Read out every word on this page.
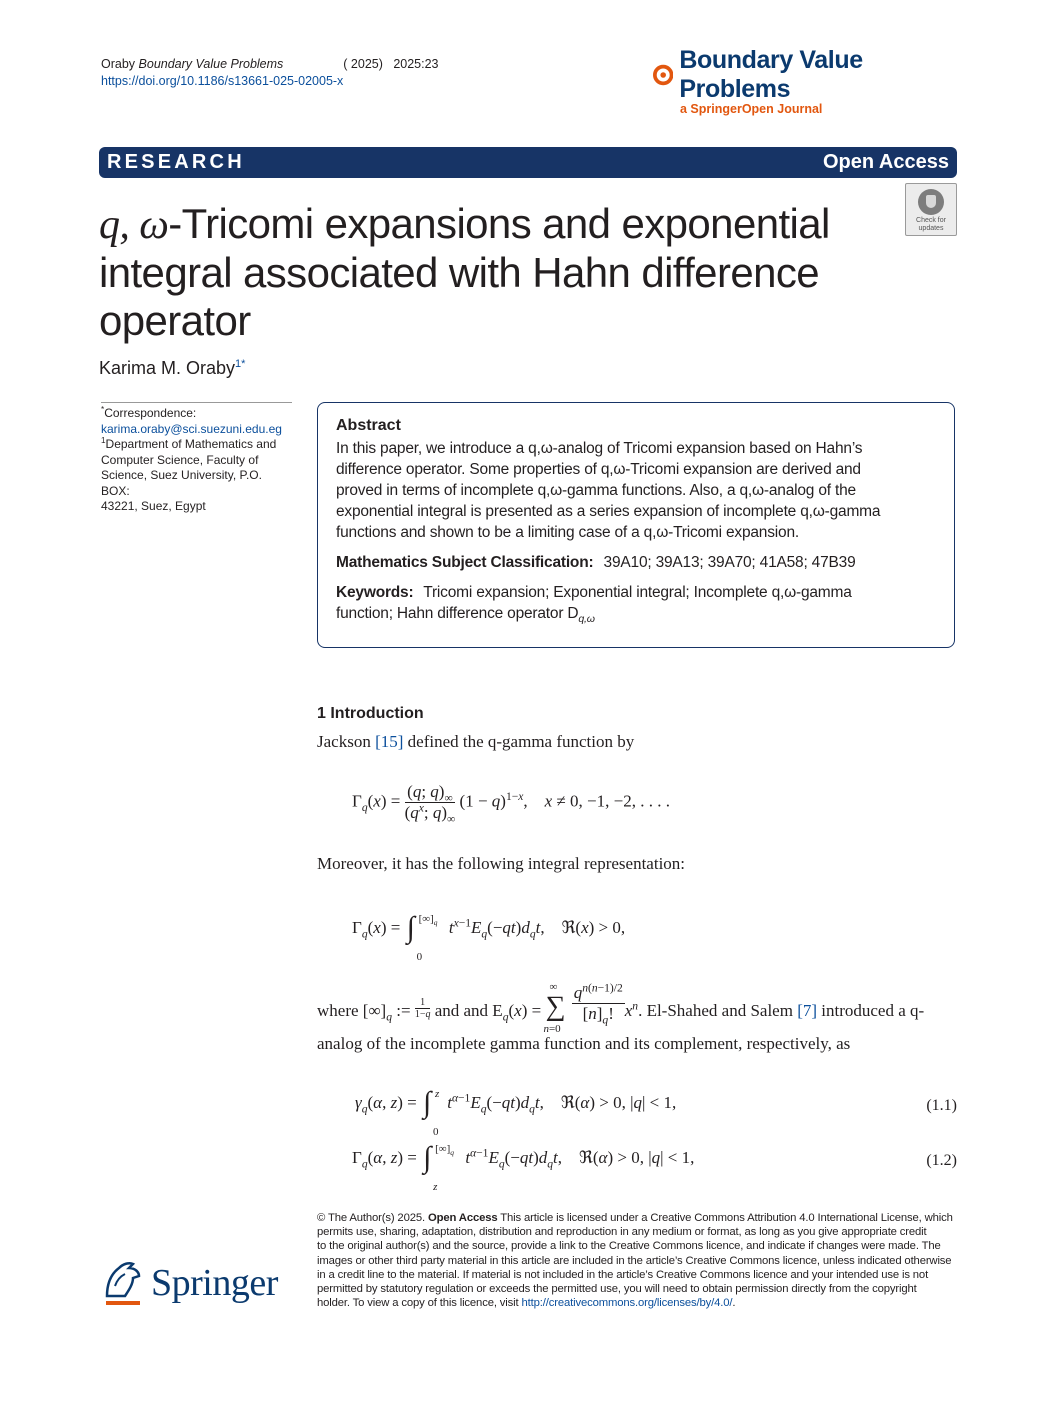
Oraby Boundary Value Problems	( 2025) 2025:23
https://doi.org/10.1186/s13661-025-02005-x
Boundary Value Problems
a SpringerOpen Journal
RESEARCH	Open Access
Check for
updates
q, ω-Tricomi expansions and exponential
integral associated with Hahn difference
operator
Karima M. Oraby$^{1*}$
*Correspondence:
karima.oraby@sci.suezuni.edu.eg
$^1$Department of Mathematics and
Computer Science, Faculty of
Science, Suez University, P.O. BOX:
43221, Suez, Egypt
Abstract
In this paper, we introduce a q,ω-analog of Tricomi expansion based on Hahn’s
difference operator. Some properties of q,ω-Tricomi expansion are derived and
proved in terms of incomplete q,ω-gamma functions. Also, a q,ω-analog of the
exponential integral is presented as a series expansion of incomplete q,ω-gamma
functions and shown to be a limiting case of a q,ω-Tricomi expansion.
Mathematics Subject Classification: 39A10; 39A13; 39A70; 41A58; 47B39
Keywords: Tricomi expansion; Exponential integral; Incomplete q,ω-gamma
function; Hahn difference operator $D_{q,\omega}$
1 Introduction
Jackson [15] defined the q-gamma function by
$\Gamma_q(x) = \frac{(q; q)_\infty}{(q^x; q)_\infty} (1 - q)^{1-x}$,    x ≠ 0, −1, −2, . . . .
Moreover, it has the following integral representation:
$\Gamma_q(x)$ = ∫ $[\infty]_q$
0
$t^{x-1}E_q(-qt)d_qt$,    ℜ(x) > 0,
where $[\infty]_q$ := $\frac{1}{1-q}$ and and $E_q(x)$ =
∞
∑
n=0

$\frac{q^{n(n-1)/2}}{[n]_q!} x^n$. El-Shahed and Salem [7] introduced a q-
analog of the incomplete gamma function and its complement, respectively, as
$\gamma_q(\alpha$, z) = ∫ z
0
$t^{\alpha-1}E_q(-qt)d_qt$,    ℜ(α) > 0, |q| < 1,	(1.1)
$\Gamma_q(\alpha$, z) = ∫ $[\infty]_q$
z
$t^{\alpha-1}E_q(-qt)d_qt$,    ℜ(α) > 0, |q| < 1,	(1.2)
© The Author(s) 2025. Open Access This article is licensed under a Creative Commons Attribution 4.0 International License, which
permits use, sharing, adaptation, distribution and reproduction in any medium or format, as long as you give appropriate credit
to the original author(s) and the source, provide a link to the Creative Commons licence, and indicate if changes were made. The
images or other third party material in this article are included in the article’s Creative Commons licence, unless indicated otherwise
in a credit line to the material. If material is not included in the article’s Creative Commons licence and your intended use is not
permitted by statutory regulation or exceeds the permitted use, you will need to obtain permission directly from the copyright
holder. To view a copy of this licence, visit http://creativecommons.org/licenses/by/4.0/.
Springer
